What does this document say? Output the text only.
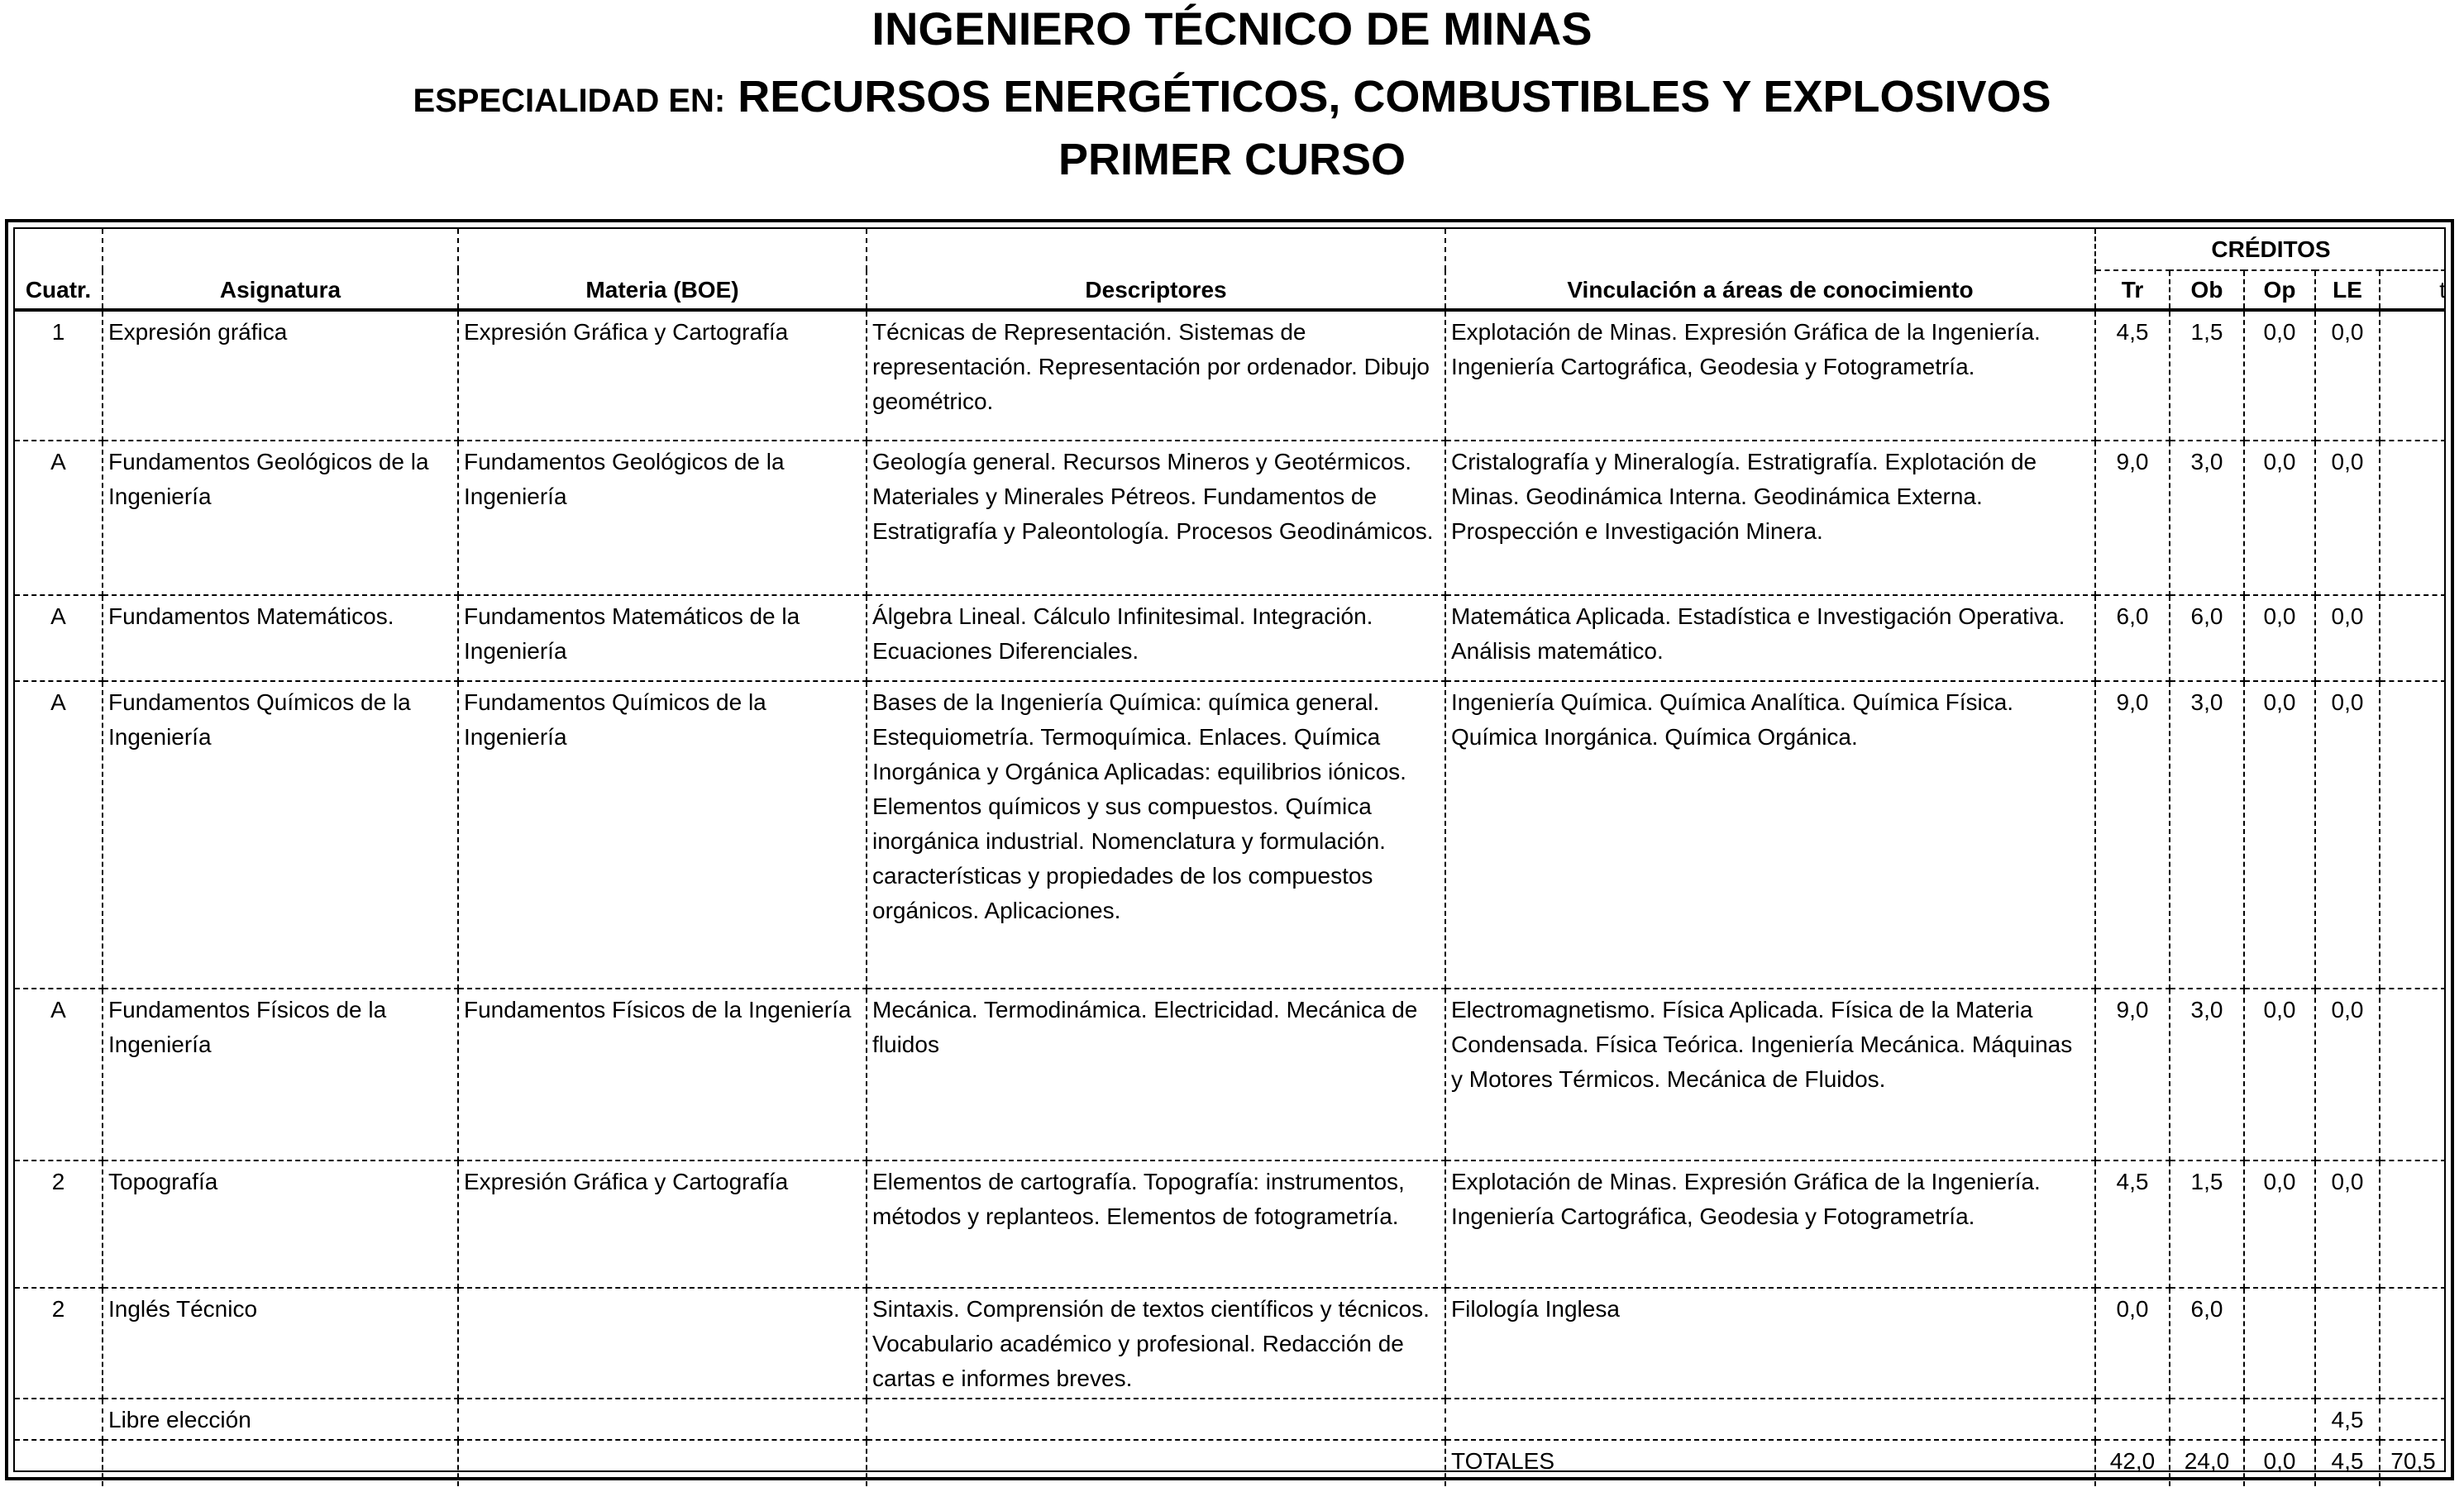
INGENIERO TÉCNICO DE MINAS
ESPECIALIDAD EN: RECURSOS ENERGÉTICOS, COMBUSTIBLES Y EXPLOSIVOS
PRIMER CURSO
Cuatr.	Asignatura	Materia (BOE)	Descriptores	Vinculación a áreas de conocimiento	CRÉDITOS				
					Tr	Ob	Op	LE	t
1	Expresión gráfica	Expresión Gráfica y Cartografía	Técnicas de Representación. Sistemas de representación. Representación por ordenador. Dibujo geométrico.	Explotación de Minas. Expresión Gráfica de la Ingeniería. Ingeniería Cartográfica, Geodesia y Fotogrametría.	4,5	1,5	0,0	0,0	
A	Fundamentos Geológicos de la Ingeniería	Fundamentos Geológicos de la Ingeniería	Geología general. Recursos Mineros y Geotérmicos. Materiales y Minerales Pétreos. Fundamentos de Estratigrafía y Paleontología. Procesos Geodinámicos.	Cristalografía y Mineralogía. Estratigrafía. Explotación de Minas. Geodinámica Interna. Geodinámica Externa. Prospección e Investigación Minera.	9,0	3,0	0,0	0,0	
A	Fundamentos Matemáticos.	Fundamentos Matemáticos de la Ingeniería	Álgebra Lineal. Cálculo Infinitesimal. Integración. Ecuaciones Diferenciales.	Matemática Aplicada. Estadística e Investigación Operativa. Análisis matemático.	6,0	6,0	0,0	0,0	
A	Fundamentos Químicos de la Ingeniería	Fundamentos Químicos de la Ingeniería	Bases de la Ingeniería Química: química general. Estequiometría. Termoquímica. Enlaces. Química Inorgánica y Orgánica Aplicadas: equilibrios iónicos. Elementos químicos y sus compuestos. Química inorgánica industrial. Nomenclatura y formulación. características y propiedades de los compuestos orgánicos. Aplicaciones.	Ingeniería Química. Química Analítica. Química Física. Química Inorgánica. Química Orgánica.	9,0	3,0	0,0	0,0	
A	Fundamentos Físicos de la Ingeniería	Fundamentos Físicos de la Ingeniería	Mecánica. Termodinámica. Electricidad. Mecánica de fluidos	Electromagnetismo. Física Aplicada. Física de la Materia Condensada. Física Teórica. Ingeniería Mecánica. Máquinas y Motores Térmicos. Mecánica de Fluidos.	9,0	3,0	0,0	0,0	
2	Topografía	Expresión Gráfica y Cartografía	Elementos de cartografía. Topografía: instrumentos, métodos y replanteos. Elementos de fotogrametría.	Explotación de Minas. Expresión Gráfica de la Ingeniería. Ingeniería Cartográfica, Geodesia y Fotogrametría.	4,5	1,5	0,0	0,0	
2	Inglés Técnico		Sintaxis. Comprensión de textos científicos y técnicos. Vocabulario académico y profesional. Redacción de cartas e informes breves.	Filología Inglesa	0,0	6,0			
	Libre elección							4,5	
				TOTALES	42,0	24,0	0,0	4,5	70,5
